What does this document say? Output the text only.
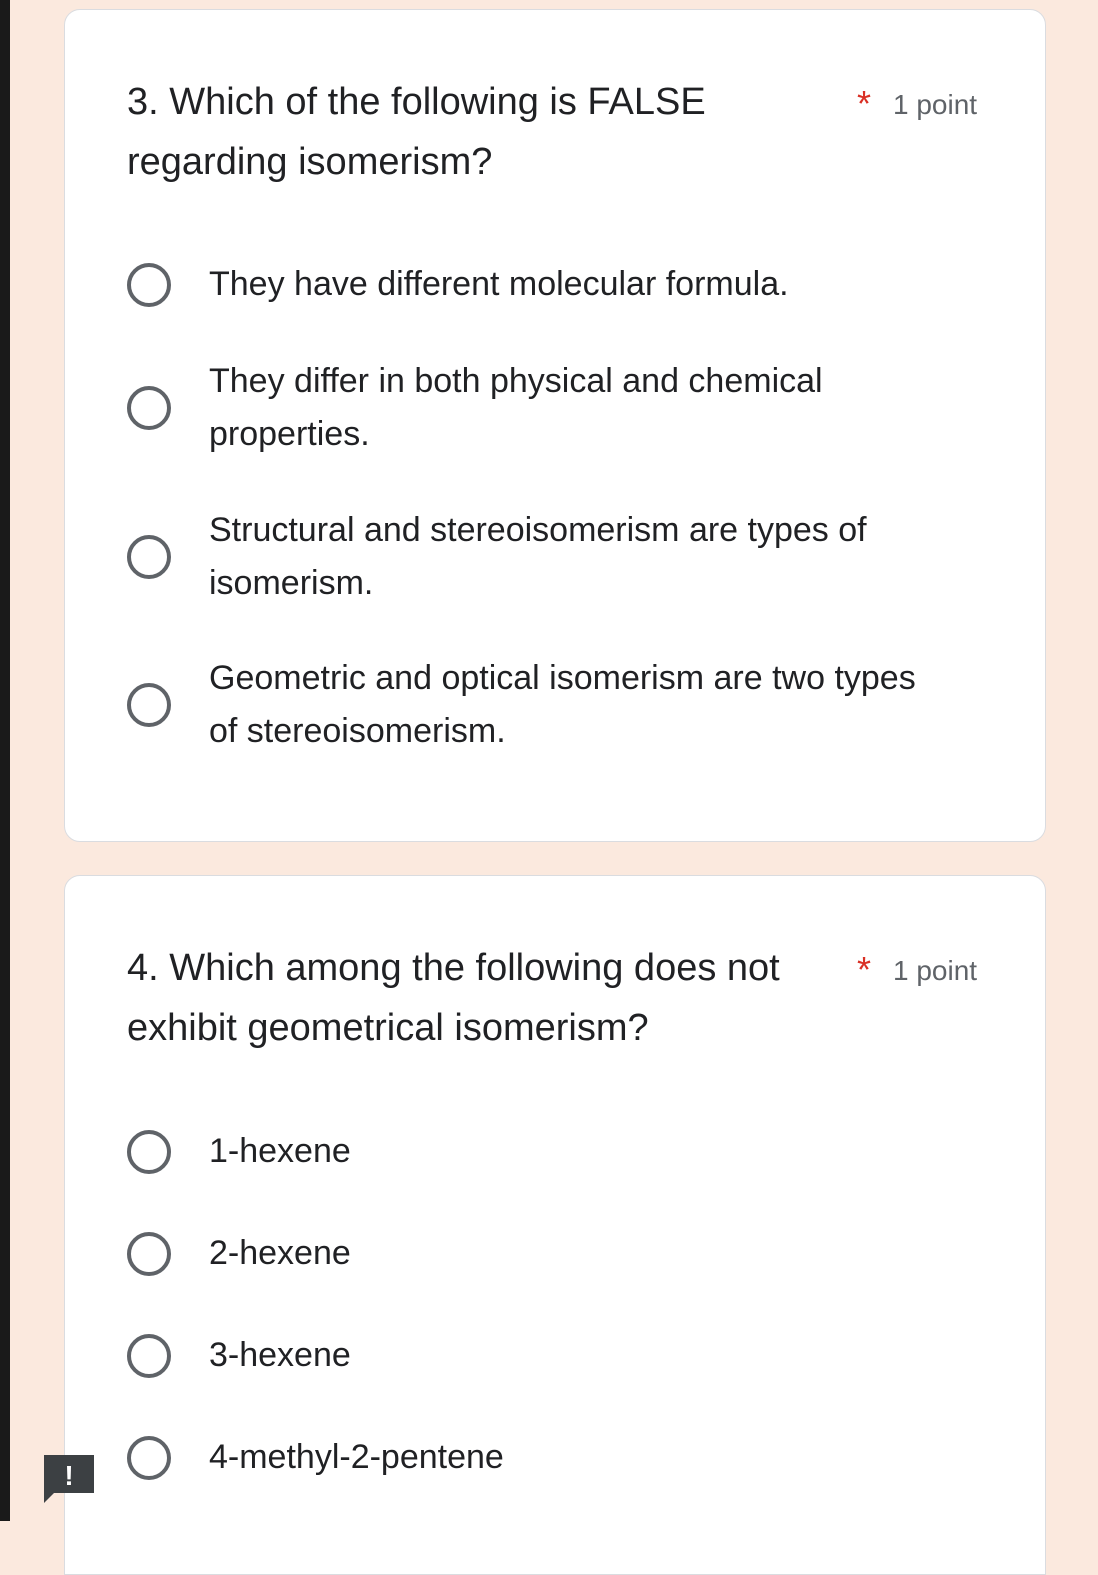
3. Which of the following is FALSE regarding isomerism?
* 1 point
They have different molecular formula.
They differ in both physical and chemical properties.
Structural and stereoisomerism are types of isomerism.
Geometric and optical isomerism are two types of stereoisomerism.
4. Which among the following does not exhibit geometrical isomerism?
* 1 point
1-hexene
2-hexene
3-hexene
4-methyl-2-pentene
!
